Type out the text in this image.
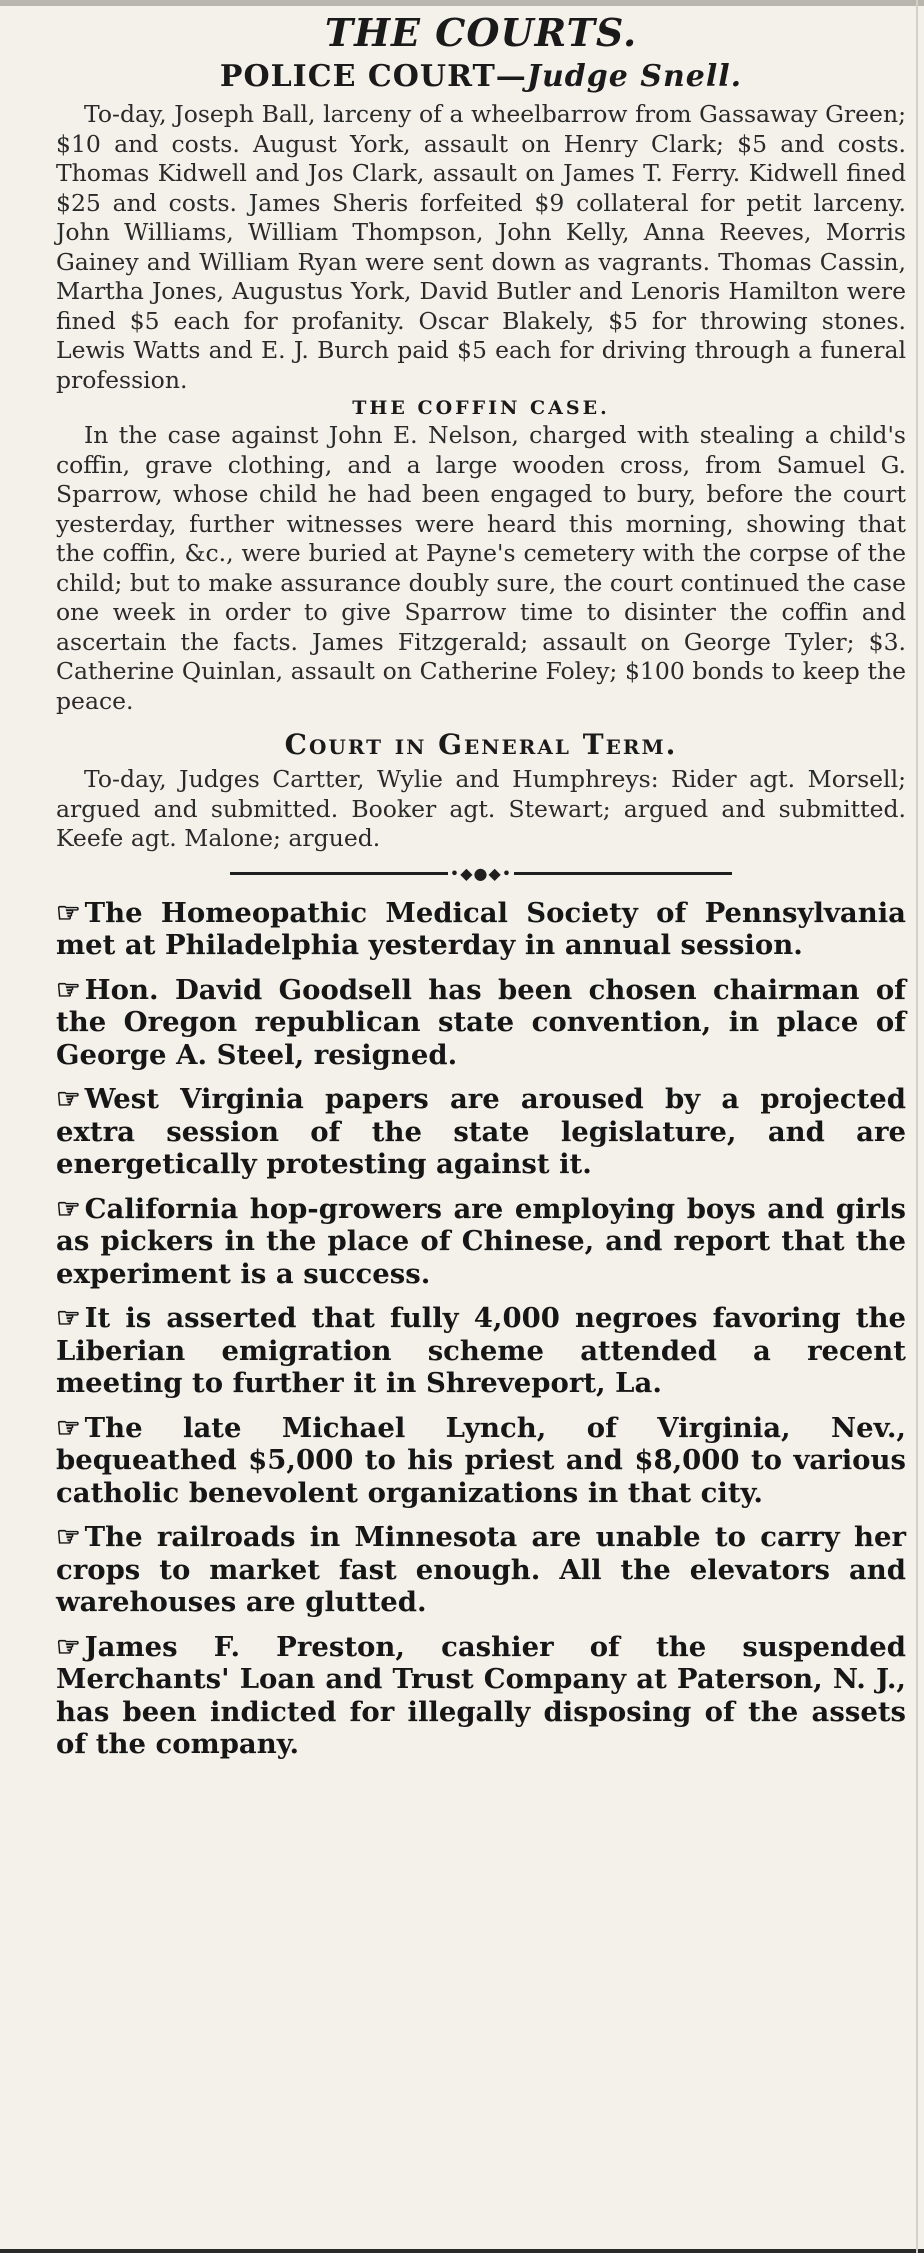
THE COURTS.
POLICE COURT—Judge Snell.

To-day, Joseph Ball, larceny of a wheelbarrow from Gassaway Green; $10 and costs. August York, assault on Henry Clark; $5 and costs. Thomas Kidwell and Jos Clark, assault on James T. Ferry. Kidwell fined $25 and costs. James Sheris forfeited $9 collateral for petit larceny. John Williams, William Thompson, John Kelly, Anna Reeves, Morris Gainey and William Ryan were sent down as vagrants. Thomas Cassin, Martha Jones, Augustus York, David Butler and Lenoris Hamilton were fined $5 each for profanity. Oscar Blakely, $5 for throwing stones. Lewis Watts and E. J. Burch paid $5 each for driving through a funeral profession.

THE COFFIN CASE.

In the case against John E. Nelson, charged with stealing a child's coffin, grave clothing, and a large wooden cross, from Samuel G. Sparrow, whose child he had been engaged to bury, before the court yesterday, further witnesses were heard this morning, showing that the coffin, &c., were buried at Payne's cemetery with the corpse of the child; but to make assurance doubly sure, the court continued the case one week in order to give Sparrow time to disinter the coffin and ascertain the facts. James Fitzgerald; assault on George Tyler; $3. Catherine Quinlan, assault on Catherine Foley; $100 bonds to keep the peace.

Court in General Term.

To-day, Judges Cartter, Wylie and Humphreys: Rider agt. Morsell; argued and submitted. Booker agt. Stewart; argued and submitted. Keefe agt. Malone; argued.

•◆●◆•

☞ The Homeopathic Medical Society of Pennsylvania met at Philadelphia yesterday in annual session.

☞ Hon. David Goodsell has been chosen chairman of the Oregon republican state convention, in place of George A. Steel, resigned.

☞ West Virginia papers are aroused by a projected extra session of the state legislature, and are energetically protesting against it.

☞ California hop-growers are employing boys and girls as pickers in the place of Chinese, and report that the experiment is a success.

☞ It is asserted that fully 4,000 negroes favoring the Liberian emigration scheme attended a recent meeting to further it in Shreveport, La.

☞ The late Michael Lynch, of Virginia, Nev., bequeathed $5,000 to his priest and $8,000 to various catholic benevolent organizations in that city.

☞ The railroads in Minnesota are unable to carry her crops to market fast enough. All the elevators and warehouses are glutted.

☞ James F. Preston, cashier of the suspended Merchants' Loan and Trust Company at Paterson, N. J., has been indicted for illegally disposing of the assets of the company.
